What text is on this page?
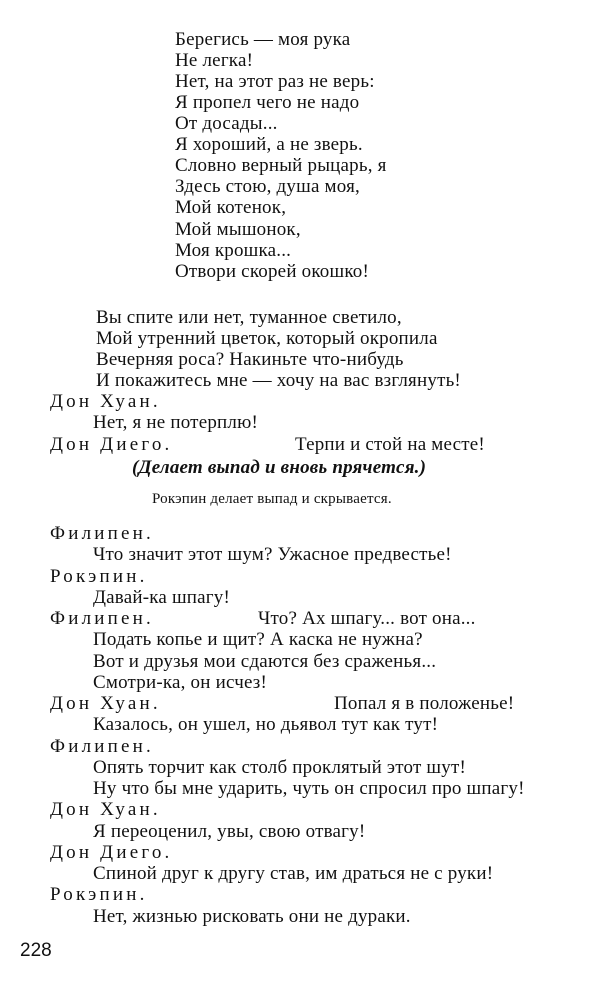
Берегись — моя рука
Не легка!
Нет, на этот раз не верь:
Я пропел чего не надо
От досады...
Я хороший, а не зверь.
Словно верный рыцарь, я
Здесь стою, душа моя,
Мой котенок,
Мой мышонок,
Моя крошка...
Отвори скорей окошко!
Вы спите или нет, туманное светило,
Мой утренний цветок, который окропила
Вечерняя роса? Накиньте что-нибудь
И покажитесь мне — хочу на вас взглянуть!
Дон Хуан.
Нет, я не потерплю!
Дон Диего.	Терпи и стой на месте!
(Делает выпад и вновь прячется.)
Рокэпин делает выпад и скрывается.
Филипен.
Что значит этот шум? Ужасное предвестье!
Рокэпин.
Давай-ка шпагу!
Филипен.	Что? Ах шпагу... вот она...
Подать копье и щит? А каска не нужна?
Вот и друзья мои сдаются без сраженья...
Смотри-ка, он исчез!
Дон Хуан.	Попал я в положенье!
Казалось, он ушел, но дьявол тут как тут!
Филипен.
Опять торчит как столб проклятый этот шут!
Ну что бы мне ударить, чуть он спросил про шпагу!
Дон Хуан.
Я переоценил, увы, свою отвагу!
Дон Диего.
Спиной друг к другу став, им драться не с руки!
Рокэпин.
Нет, жизнью рисковать они не дураки.
228
